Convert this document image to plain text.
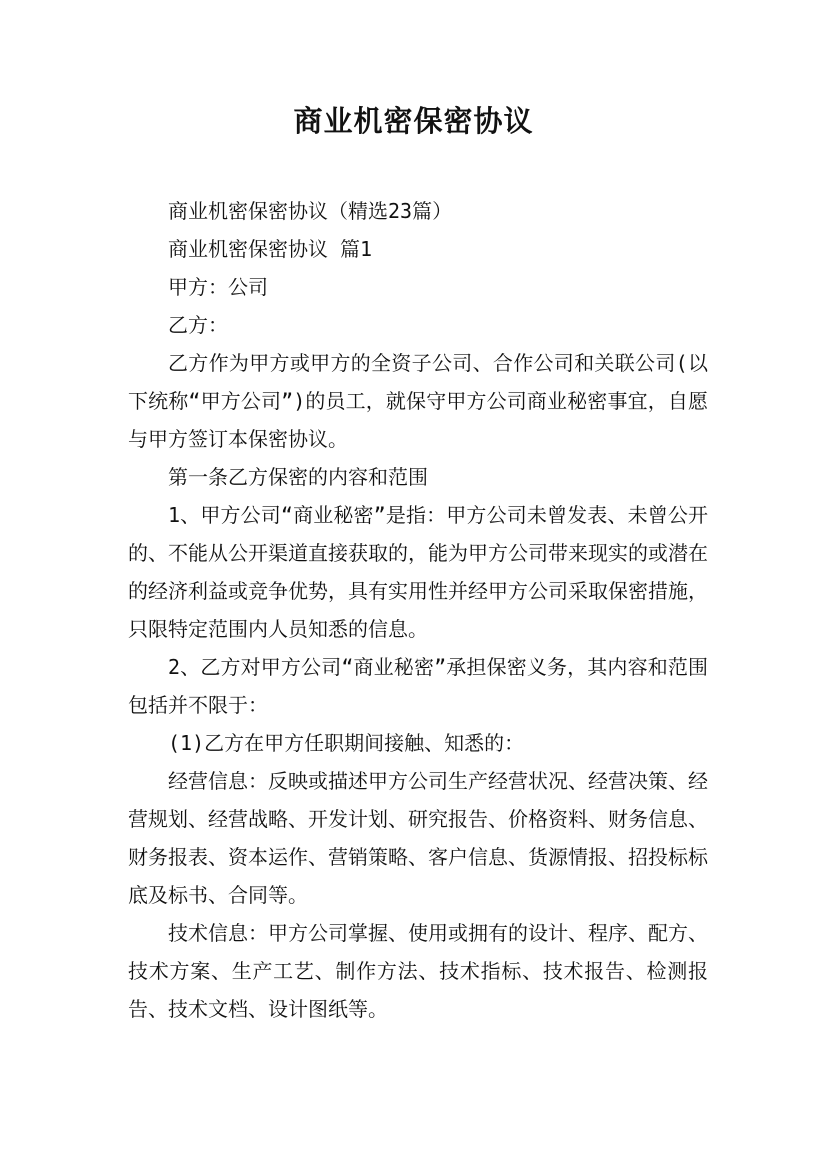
商业机密保密协议

商业机密保密协议（精选23篇）

商业机密保密协议 篇1

甲方：公司

乙方：

乙方作为甲方或甲方的全资子公司、合作公司和关联公司(以下统称“甲方公司”)的员工，就保守甲方公司商业秘密事宜，自愿与甲方签订本保密协议。

第一条乙方保密的内容和范围

1、甲方公司“商业秘密”是指：甲方公司未曾发表、未曾公开的、不能从公开渠道直接获取的，能为甲方公司带来现实的或潜在的经济利益或竞争优势，具有实用性并经甲方公司采取保密措施，只限特定范围内人员知悉的信息。

2、乙方对甲方公司“商业秘密”承担保密义务，其内容和范围包括并不限于：

(1)乙方在甲方任职期间接触、知悉的：

经营信息：反映或描述甲方公司生产经营状况、经营决策、经营规划、经营战略、开发计划、研究报告、价格资料、财务信息、财务报表、资本运作、营销策略、客户信息、货源情报、招投标标底及标书、合同等。

技术信息：甲方公司掌握、使用或拥有的设计、程序、配方、技术方案、生产工艺、制作方法、技术指标、技术报告、检测报告、技术文档、设计图纸等。
